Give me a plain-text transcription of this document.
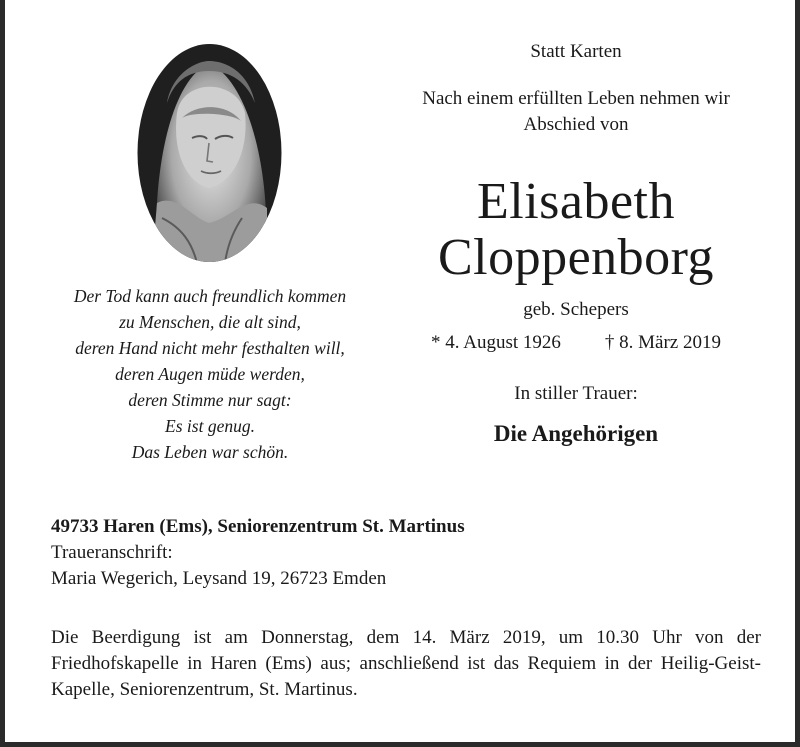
Der Tod kann auch freundlich kommen
zu Menschen, die alt sind,
deren Hand nicht mehr festhalten will,
deren Augen müde werden,
deren Stimme nur sagt:
Es ist genug.
Das Leben war schön.
Statt Karten
Nach einem erfüllten Leben nehmen wir
Abschied von
Elisabeth
Cloppenborg
geb. Schepers
* 4. August 1926 † 8. März 2019
In stiller Trauer:
Die Angehörigen
49733 Haren (Ems), Seniorenzentrum St. Martinus
Traueranschrift:
Maria Wegerich, Leysand 19, 26723 Emden
Die Beerdigung ist am Donnerstag, dem 14. März 2019, um 10.30 Uhr von der Friedhofskapelle in Haren (Ems) aus; anschließend ist das Requiem in der Heilig-Geist-Kapelle, Seniorenzentrum, St. Martinus.
